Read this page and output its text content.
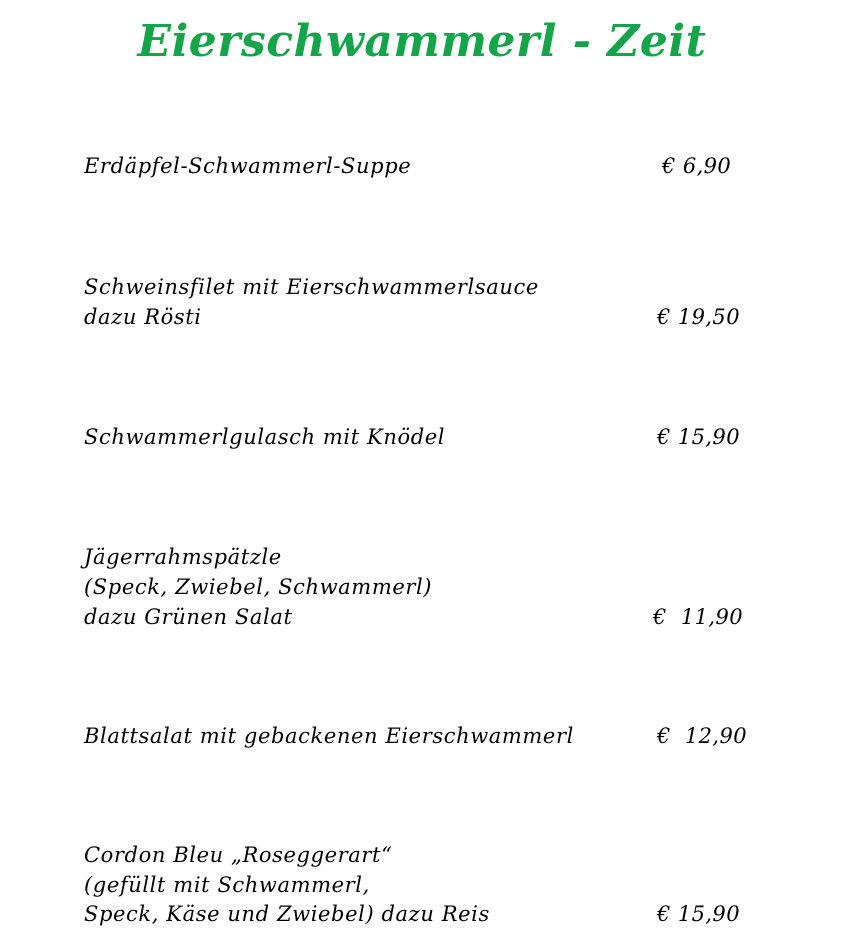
Eierschwammerl - Zeit
Erdäpfel-Schwammerl-Suppe	€ 6,90
Schweinsfilet mit Eierschwammerlsauce
dazu Rösti	€ 19,50
Schwammerlgulasch mit Knödel	€ 15,90
Jägerrahmspätzle
(Speck, Zwiebel, Schwammerl)
dazu Grünen Salat	€  11,90
Blattsalat mit gebackenen Eierschwammerl	€  12,90
Cordon Bleu „Roseggerart“
(gefüllt mit Schwammerl,
Speck, Käse und Zwiebel) dazu Reis	€ 15,90
